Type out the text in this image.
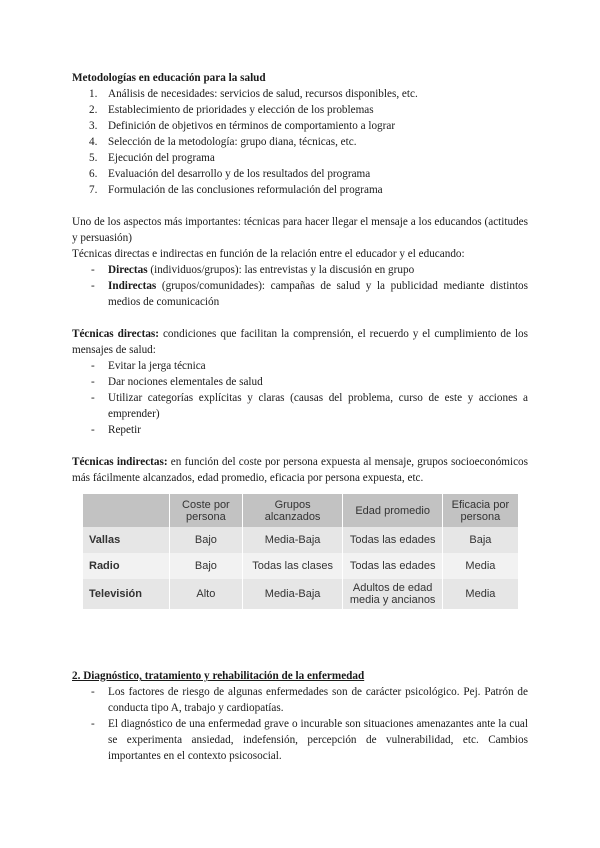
Metodologías en educación para la salud

1. Análisis de necesidades: servicios de salud, recursos disponibles, etc.
2. Establecimiento de prioridades y elección de los problemas
3. Definición de objetivos en términos de comportamiento a lograr
4. Selección de la metodología: grupo diana, técnicas, etc.
5. Ejecución del programa
6. Evaluación del desarrollo y de los resultados del programa
7. Formulación de las conclusiones reformulación del programa

Uno de los aspectos más importantes: técnicas para hacer llegar el mensaje a los educandos (actitudes y persuasión)

Técnicas directas e indirectas en función de la relación entre el educador y el educando:

- Directas (individuos/grupos): las entrevistas y la discusión en grupo
- Indirectas (grupos/comunidades): campañas de salud y la publicidad mediante distintos medios de comunicación

Técnicas directas: condiciones que facilitan la comprensión, el recuerdo y el cumplimiento de los mensajes de salud:

- Evitar la jerga técnica
- Dar nociones elementales de salud
- Utilizar categorías explícitas y claras (causas del problema, curso de este y acciones a emprender)
- Repetir

Técnicas indirectas: en función del coste por persona expuesta al mensaje, grupos socioeconómicos más fácilmente alcanzados, edad promedio, eficacia por persona expuesta, etc.

	Coste por persona	Grupos alcanzados	Edad promedio	Eficacia por persona
Vallas	Bajo	Media-Baja	Todas las edades	Baja
Radio	Bajo	Todas las clases	Todas las edades	Media
Televisión	Alto	Media-Baja	Adultos de edad media y ancianos	Media

2. Diagnóstico, tratamiento y rehabilitación de la enfermedad

- Los factores de riesgo de algunas enfermedades son de carácter psicológico. Pej. Patrón de conducta tipo A, trabajo y cardiopatías.
- El diagnóstico de una enfermedad grave o incurable son situaciones amenazantes ante la cual se experimenta ansiedad, indefensión, percepción de vulnerabilidad, etc. Cambios importantes en el contexto psicosocial.
